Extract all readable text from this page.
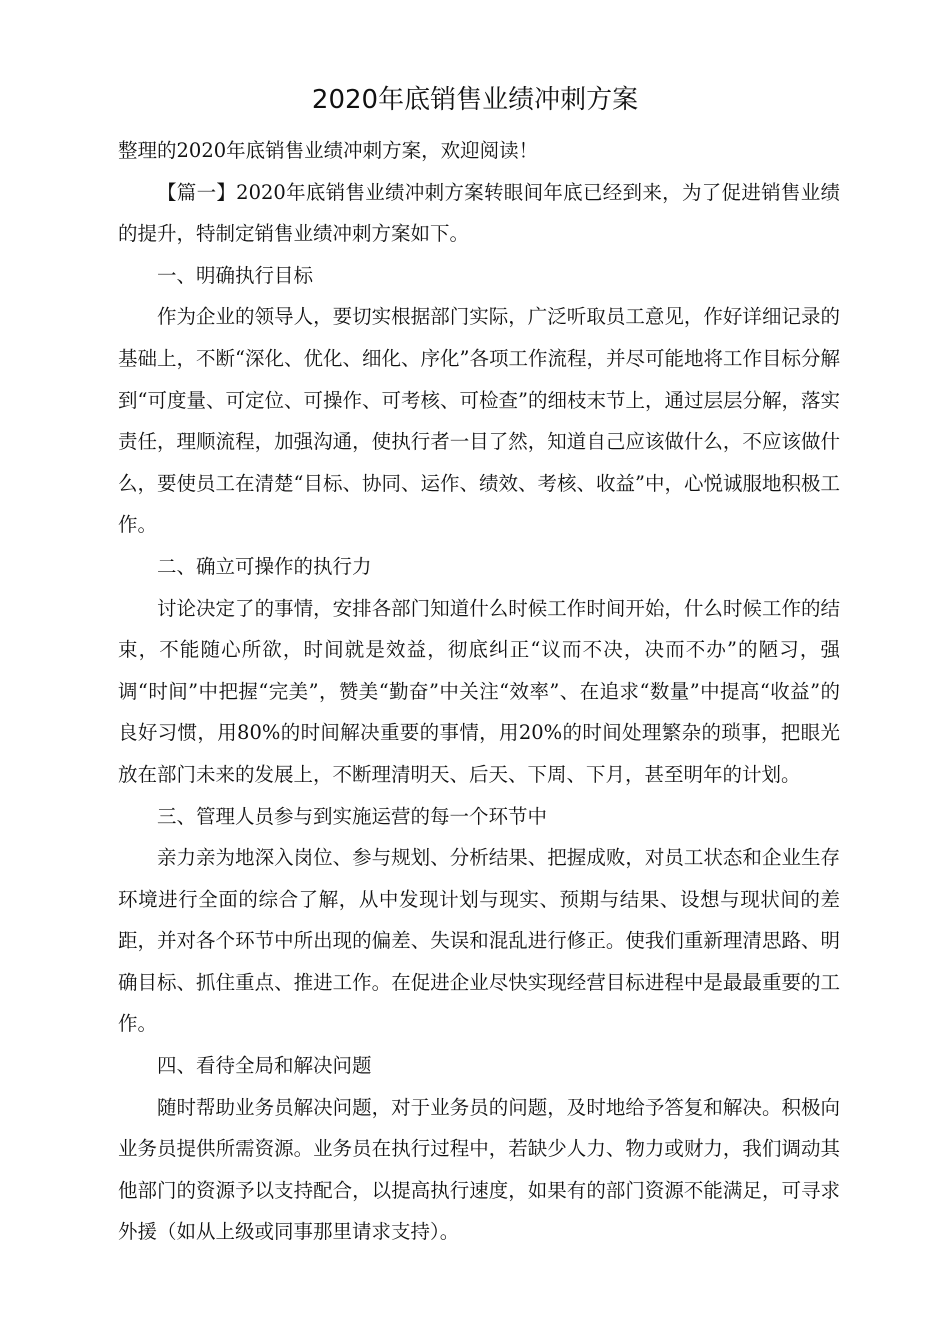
2020年底销售业绩冲刺方案

整理的2020年底销售业绩冲刺方案，欢迎阅读！

【篇一】2020年底销售业绩冲刺方案转眼间年底已经到来，为了促进销售业绩的提升，特制定销售业绩冲刺方案如下。

一、明确执行目标

作为企业的领导人，要切实根据部门实际，广泛听取员工意见，作好详细记录的基础上，不断“深化、优化、细化、序化”各项工作流程，并尽可能地将工作目标分解到“可度量、可定位、可操作、可考核、可检查”的细枝末节上，通过层层分解，落实责任，理顺流程，加强沟通，使执行者一目了然，知道自己应该做什么，不应该做什么，要使员工在清楚“目标、协同、运作、绩效、考核、收益”中，心悦诚服地积极工作。

二、确立可操作的执行力

讨论决定了的事情，安排各部门知道什么时候工作时间开始，什么时候工作的结束，不能随心所欲，时间就是效益，彻底纠正“议而不决，决而不办”的陋习，强调“时间”中把握“完美”，赞美“勤奋”中关注“效率”、在追求“数量”中提高“收益”的良好习惯，用80%的时间解决重要的事情，用20%的时间处理繁杂的琐事，把眼光放在部门未来的发展上，不断理清明天、后天、下周、下月，甚至明年的计划。

三、管理人员参与到实施运营的每一个环节中

亲力亲为地深入岗位、参与规划、分析结果、把握成败，对员工状态和企业生存环境进行全面的综合了解，从中发现计划与现实、预期与结果、设想与现状间的差距，并对各个环节中所出现的偏差、失误和混乱进行修正。使我们重新理清思路、明确目标、抓住重点、推进工作。在促进企业尽快实现经营目标进程中是最最重要的工作。

四、看待全局和解决问题

随时帮助业务员解决问题，对于业务员的问题，及时地给予答复和解决。积极向业务员提供所需资源。业务员在执行过程中，若缺少人力、物力或财力，我们调动其他部门的资源予以支持配合，以提高执行速度，如果有的部门资源不能满足，可寻求外援（如从上级或同事那里请求支持）。
